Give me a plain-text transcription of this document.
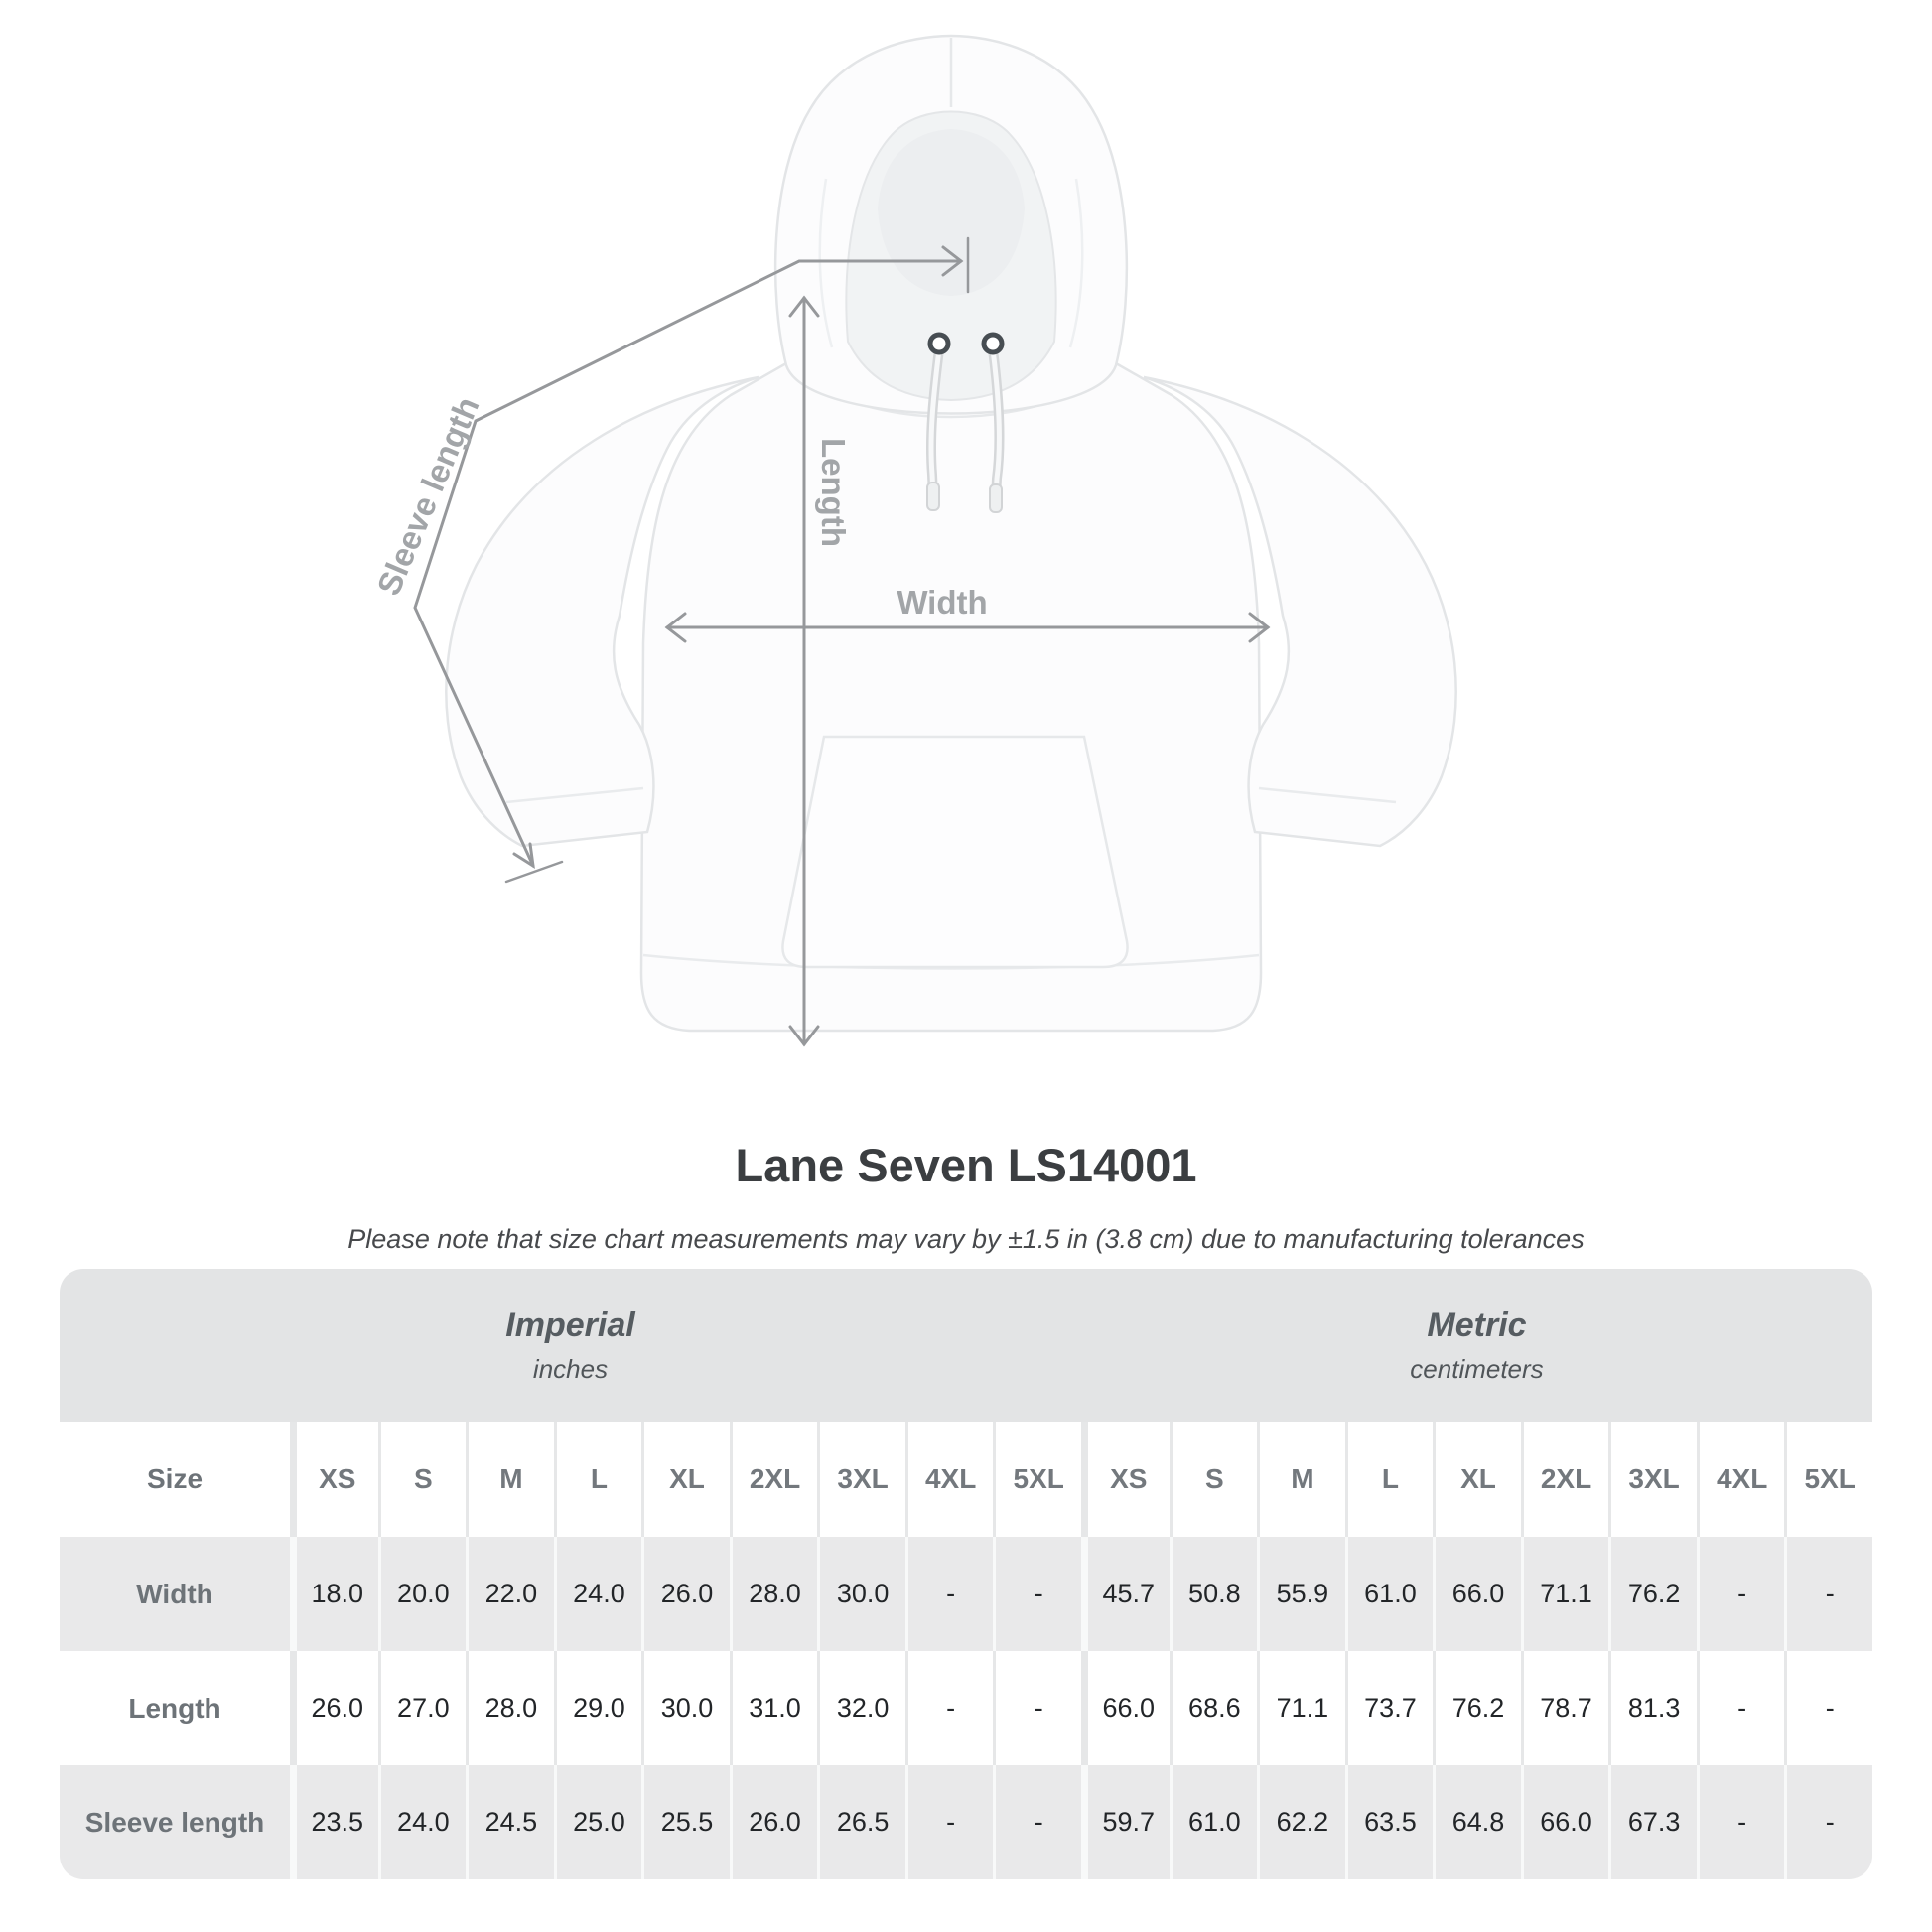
Sleeve length	Length
Width
Lane Seven LS14001
Please note that size chart measurements may vary by ±1.5 in (3.8 cm) due to manufacturing tolerances
Imperial
inches
Metric
centimeters
Size	XS	S	M	L	XL	2XL	3XL	4XL	5XL	XS	S	M	L	XL	2XL	3XL	4XL	5XL
Width	18.0	20.0	22.0	24.0	26.0	28.0	30.0	-	-	45.7	50.8	55.9	61.0	66.0	71.1	76.2	-	-
Length	26.0	27.0	28.0	29.0	30.0	31.0	32.0	-	-	66.0	68.6	71.1	73.7	76.2	78.7	81.3	-	-
Sleeve length	23.5	24.0	24.5	25.0	25.5	26.0	26.5	-	-	59.7	61.0	62.2	63.5	64.8	66.0	67.3	-	-
